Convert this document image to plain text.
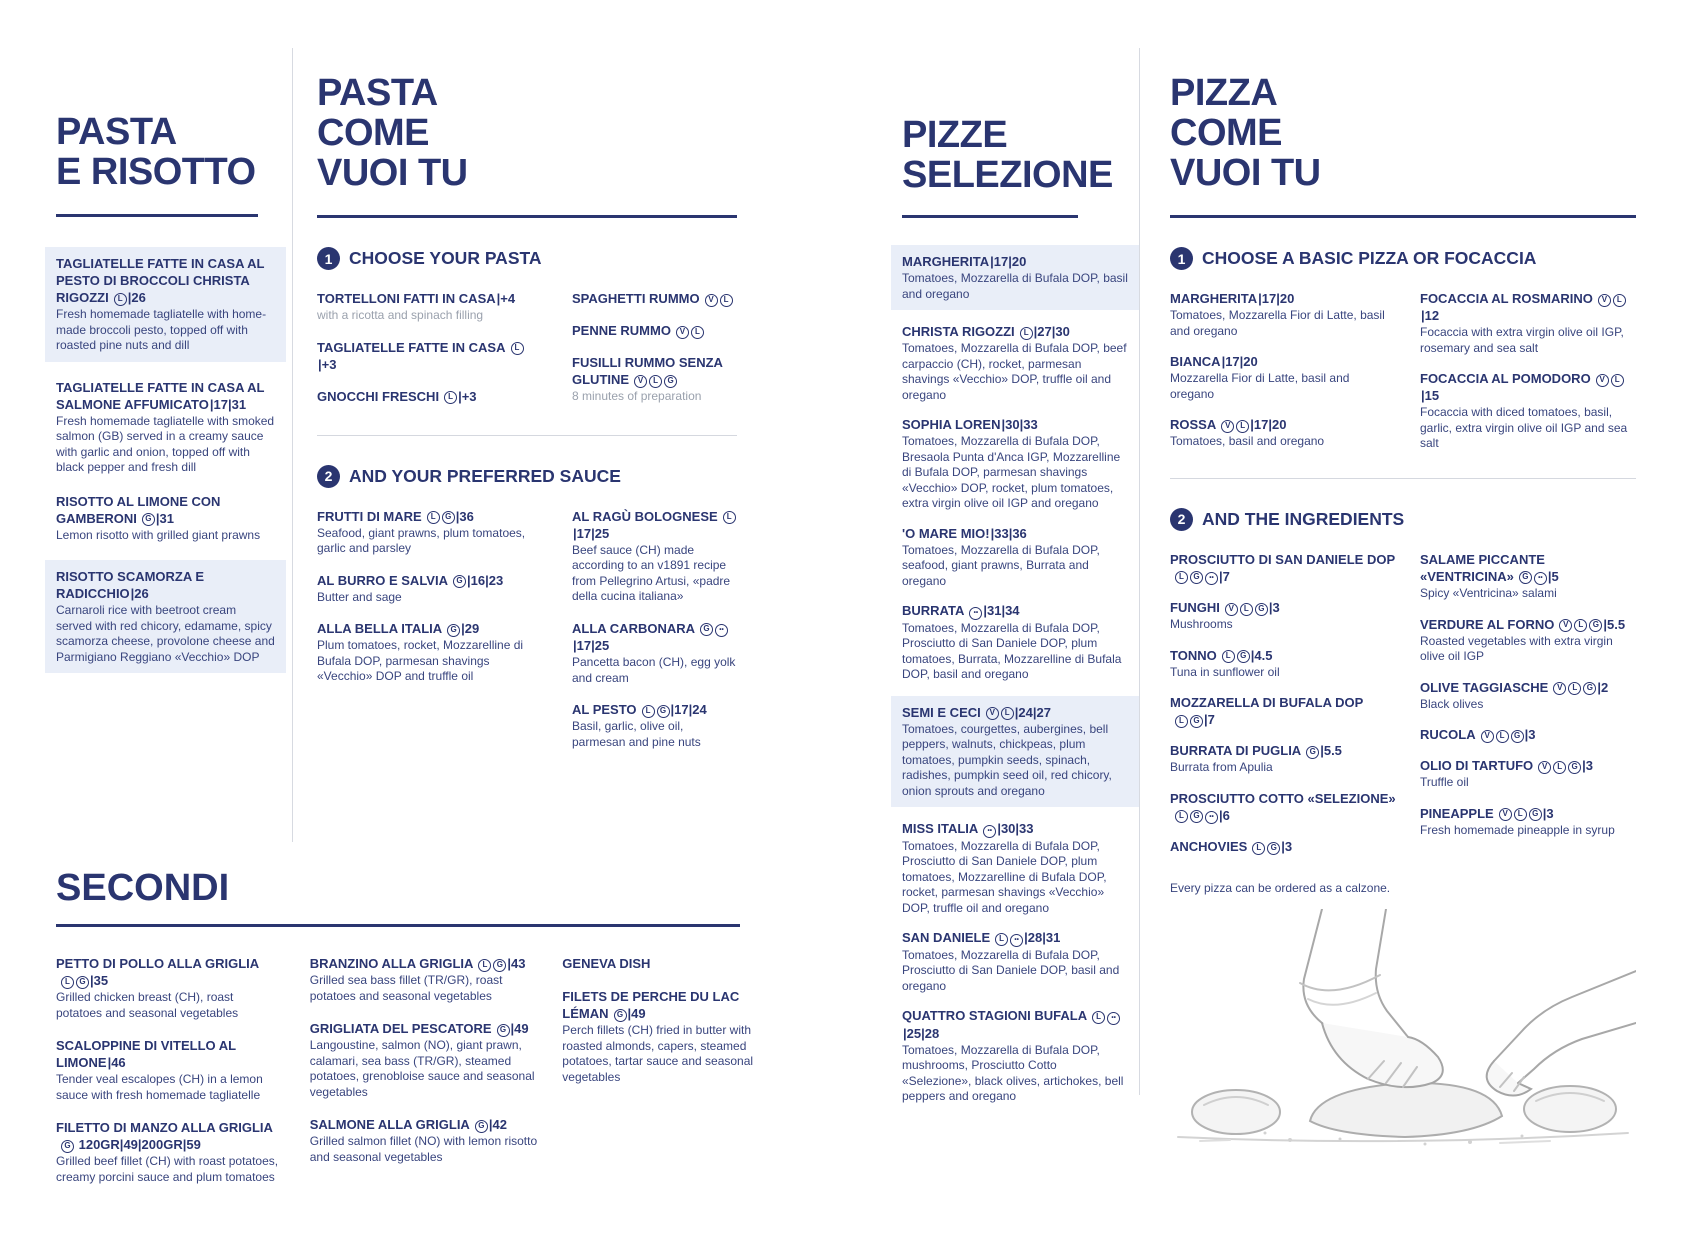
PASTA
E RISOTTO
TAGLIATELLE FATTE IN CASA AL PESTO DI BROCCOLI CHRISTA RIGOZZI L |26
Fresh homemade tagliatelle with home-made broccoli pesto, topped off with roasted pine nuts and dill
TAGLIATELLE FATTE IN CASA AL SALMONE AFFUMICATO|17|31
Fresh homemade tagliatelle with smoked salmon (GB) served in a creamy sauce with garlic and onion, topped off with black pepper and fresh dill
RISOTTO AL LIMONE CON GAMBERONI G |31
Lemon risotto with grilled giant prawns
RISOTTO SCAMORZA E RADICCHIO|26
Carnaroli rice with beetroot cream served with red chicory, edamame, spicy scamorza cheese, provolone cheese and Parmigiano Reggiano «Vecchio» DOP
PASTA
COME
VUOI TU
1 CHOOSE YOUR PASTA
TORTELLONI FATTI IN CASA|+4
with a ricotta and spinach filling
TAGLIATELLE FATTE IN CASA L|+3
GNOCCHI FRESCHI L |+3
SPAGHETTI RUMMO V L
PENNE RUMMO V L
FUSILLI RUMMO SENZA GLUTINE V L G
8 minutes of preparation
2 AND YOUR PREFERRED SAUCE
FRUTTI DI MARE L G |36
Seafood, giant prawns, plum tomatoes, garlic and parsley
AL BURRO E SALVIA G |16|23
Butter and sage
ALLA BELLA ITALIA G |29
Plum tomatoes, rocket, Mozzarelline di Bufala DOP, parmesan shavings «Vecchio» DOP and truffle oil
AL RAGÙ BOLOGNESE L|17|25
Beef sauce (CH) made according to an v1891 recipe from Pellegrino Artusi, «padre della cucina italiana»
ALLA CARBONARA G ••|17|25
Pancetta bacon (CH), egg yolk and cream
AL PESTO L G |17|24
Basil, garlic, olive oil, parmesan and pine nuts
PIZZE
SELEZIONE
MARGHERITA|17|20
Tomatoes, Mozzarella di Bufala DOP, basil and oregano
CHRISTA RIGOZZI L |27|30
Tomatoes, Mozzarella di Bufala DOP, beef carpaccio (CH), rocket, parmesan shavings «Vecchio» DOP, truffle oil and oregano
SOPHIA LOREN|30|33
Tomatoes, Mozzarella di Bufala DOP, Bresaola Punta d'Anca IGP, Mozzarelline di Bufala DOP, parmesan shavings «Vecchio» DOP, rocket, plum tomatoes, extra virgin olive oil IGP and oregano
'O MARE MIO!|33|36
Tomatoes, Mozzarella di Bufala DOP, seafood, giant prawns, Burrata and oregano
BURRATA •• |31|34
Tomatoes, Mozzarella di Bufala DOP, Prosciutto di San Daniele DOP, plum tomatoes, Burrata, Mozzarelline di Bufala DOP, basil and oregano
SEMI E CECI V L |24|27
Tomatoes, courgettes, aubergines, bell peppers, walnuts, chickpeas, plum tomatoes, pumpkin seeds, spinach, radishes, pumpkin seed oil, red chicory, onion sprouts and oregano
MISS ITALIA •• |30|33
Tomatoes, Mozzarella di Bufala DOP, Prosciutto di San Daniele DOP, plum tomatoes, Mozzarelline di Bufala DOP, rocket, parmesan shavings «Vecchio» DOP, truffle oil and oregano
SAN DANIELE L •• |28|31
Tomatoes, Mozzarella di Bufala DOP, Prosciutto di San Daniele DOP, basil and oregano
QUATTRO STAGIONI BUFALA L ••|25|28
Tomatoes, Mozzarella di Bufala DOP, mushrooms, Prosciutto Cotto «Selezione», black olives, artichokes, bell peppers and oregano
PIZZA
COME
VUOI TU
1 CHOOSE A BASIC PIZZA OR FOCACCIA
MARGHERITA|17|20
Tomatoes, Mozzarella Fior di Latte, basil and oregano
BIANCA|17|20
Mozzarella Fior di Latte, basil and oregano
ROSSA V L |17|20
Tomatoes, basil and oregano
FOCACCIA AL ROSMARINO V L|12
Focaccia with extra virgin olive oil IGP, rosemary and sea salt
FOCACCIA AL POMODORO V L|15
Focaccia with diced tomatoes, basil, garlic, extra virgin olive oil IGP and sea salt
2 AND THE INGREDIENTS
PROSCIUTTO DI SAN DANIELE DOPL G •• |7
FUNGHI V L G |3
Mushrooms
TONNO L G |4.5
Tuna in sunflower oil
MOZZARELLA DI BUFALA DOPL G |7
BURRATA DI PUGLIA G |5.5
Burrata from Apulia
PROSCIUTTO COTTO «SELEZIONE»L G •• |6
ANCHOVIES L G |3
SALAME PICCANTE «VENTRICINA» G •• |5
Spicy «Ventricina» salami
VERDURE AL FORNO V L G |5.5
Roasted vegetables with extra virgin olive oil IGP
OLIVE TAGGIASCHE V L G |2
Black olives
RUCOLA V L G |3
OLIO DI TARTUFO V L G |3
Truffle oil
PINEAPPLE V L G |3
Fresh homemade pineapple in syrup
Every pizza can be ordered as a calzone.
SECONDI
PETTO DI POLLO ALLA GRIGLIAL G |35
Grilled chicken breast (CH), roast potatoes and seasonal vegetables
SCALOPPINE DI VITELLO AL LIMONE|46
Tender veal escalopes (CH) in a lemon sauce with fresh homemade tagliatelle
FILETTO DI MANZO ALLA GRIGLIAG 120GR|49|200GR|59
Grilled beef fillet (CH) with roast potatoes, creamy porcini sauce and plum tomatoes
BRANZINO ALLA GRIGLIA L G |43
Grilled sea bass fillet (TR/GR), roast potatoes and seasonal vegetables
GRIGLIATA DEL PESCATORE G |49
Langoustine, salmon (NO), giant prawn, calamari, sea bass (TR/GR), steamed potatoes, grenobloise sauce and seasonal vegetables
SALMONE ALLA GRIGLIA G |42
Grilled salmon fillet (NO) with lemon risotto and seasonal vegetables
GENEVA DISH
FILETS DE PERCHE DU LAC LÉMAN G |49
Perch fillets (CH) fried in butter with roasted almonds, capers, steamed potatoes, tartar sauce and seasonal vegetables
